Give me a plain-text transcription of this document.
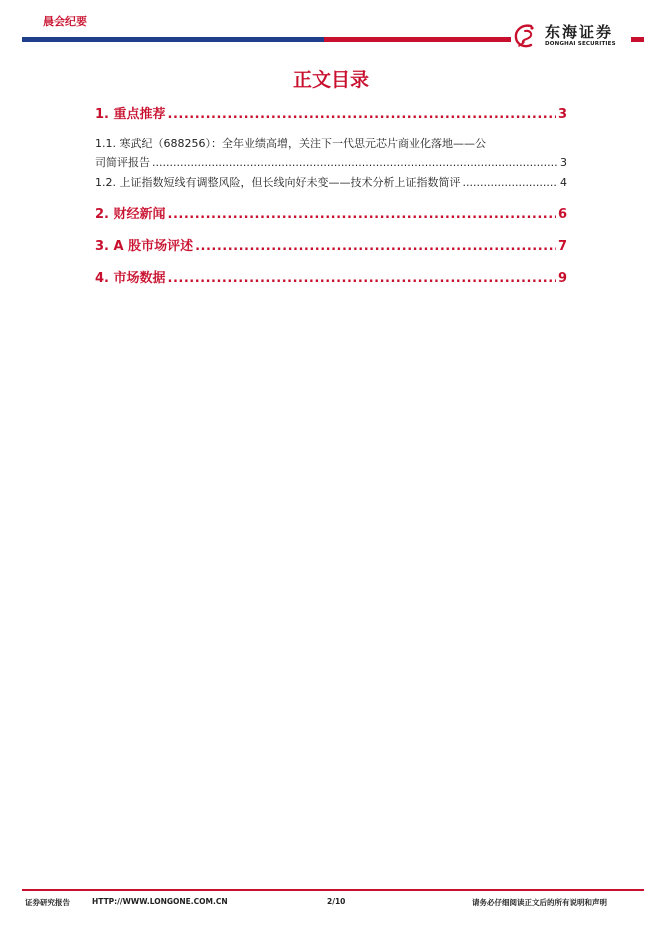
晨会纪要
东海证券
DONGHAI SECURITIES
正文目录
1. 重点推荐 .....	3
1.1. 寒武纪（688256）：全年业绩高增，关注下一代思元芯片商业化落地——公
司简评报告 .....	3
1.2. 上证指数短线有调整风险，但长线向好未变——技术分析上证指数简评 .....	4
2. 财经新闻 .....	6
3. A 股市场评述 .....	7
4. 市场数据 .....	9
证券研究报告	HTTP://WWW.LONGONE.COM.CN	2/10	请务必仔细阅读正文后的所有说明和声明
